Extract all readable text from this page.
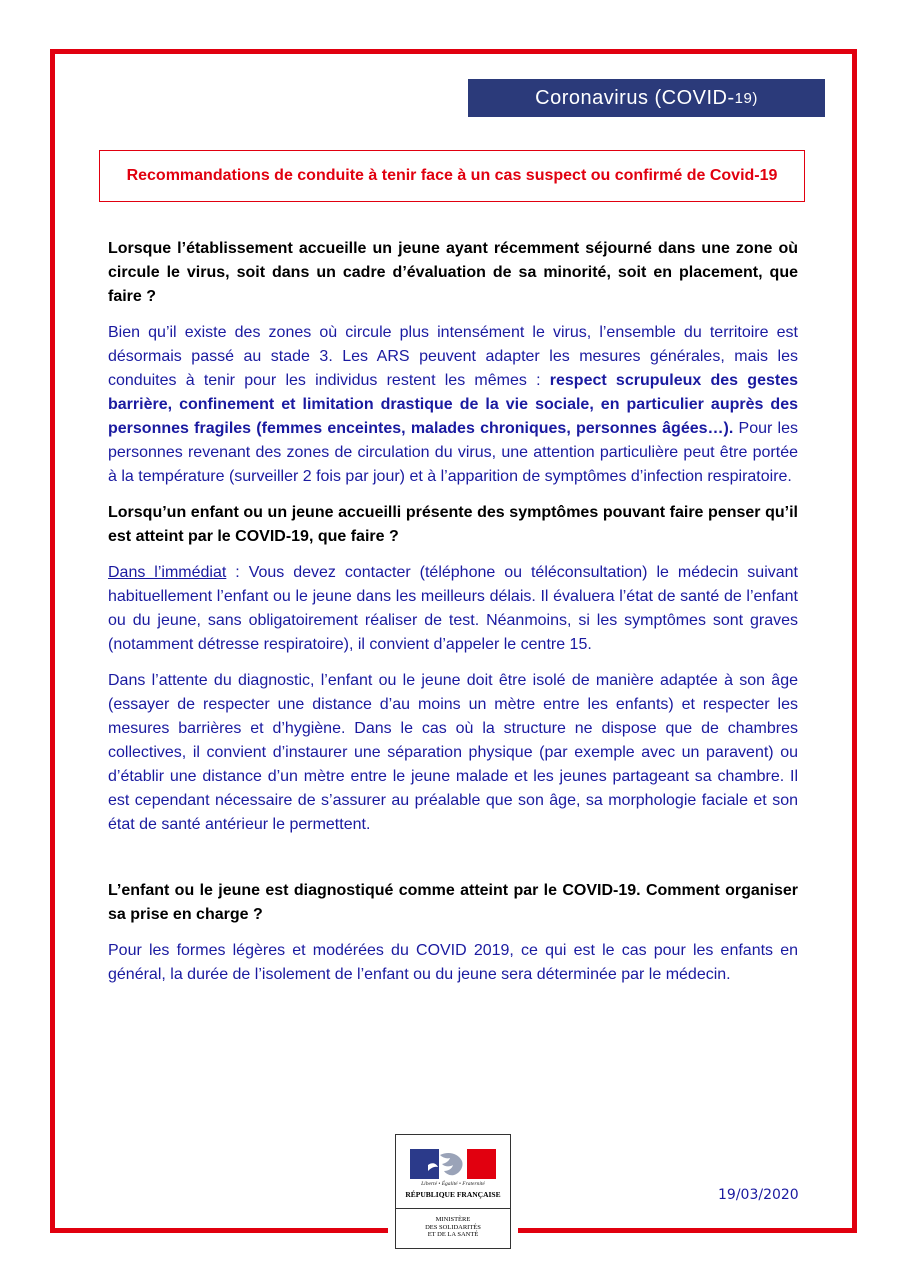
Coronavirus (COVID- 19)
Recommandations de conduite à tenir face à un cas suspect ou confirmé de Covid-19

Lorsque l’établissement accueille un jeune ayant récemment séjourné dans une zone où circule le virus, soit dans un cadre d’évaluation de sa minorité, soit en placement, que faire ?

Bien qu’il existe des zones où circule plus intensément le virus, l’ensemble du territoire est désormais passé au stade 3. Les ARS peuvent adapter les mesures générales, mais les conduites à tenir pour les individus restent les mêmes : respect scrupuleux des gestes barrière, confinement et limitation drastique de la vie sociale, en particulier auprès des personnes fragiles (femmes enceintes, malades chroniques, personnes âgées…). Pour les personnes revenant des zones de circulation du virus, une attention particulière peut être portée à la température (surveiller 2 fois par jour) et à l’apparition de symptômes d’infection respiratoire.

Lorsqu’un enfant ou un jeune accueilli présente des symptômes pouvant faire penser qu’il est atteint par le COVID-19, que faire ?

Dans l’immédiat : Vous devez contacter (téléphone ou téléconsultation) le médecin suivant habituellement l’enfant ou le jeune dans les meilleurs délais. Il évaluera l’état de santé de l’enfant ou du jeune, sans obligatoirement réaliser de test. Néanmoins, si les symptômes sont graves (notamment détresse respiratoire), il convient d’appeler le centre 15.

Dans l’attente du diagnostic, l’enfant ou le jeune doit être isolé de manière adaptée à son âge (essayer de respecter une distance d’au moins un mètre entre les enfants) et respecter les mesures barrières et d’hygiène. Dans le cas où la structure ne dispose que de chambres collectives, il convient d’instaurer une séparation physique (par exemple avec un paravent) ou d’établir une distance d’un mètre entre le jeune malade et les jeunes partageant sa chambre. Il est cependant nécessaire de s’assurer au préalable que son âge, sa morphologie faciale et son état de santé antérieur le permettent.

L’enfant ou le jeune est diagnostiqué comme atteint par le COVID-19. Comment organiser sa prise en charge ?

Pour les formes légères et modérées du COVID 2019, ce qui est le cas pour les enfants en général, la durée de l’isolement de l’enfant ou du jeune sera déterminée par le médecin.

Liberté • Égalité • Fraternité
RÉPUBLIQUE FRANÇAISE
MINISTÈRE
DES SOLIDARITÉS
ET DE LA SANTÉ
19/03/2020
